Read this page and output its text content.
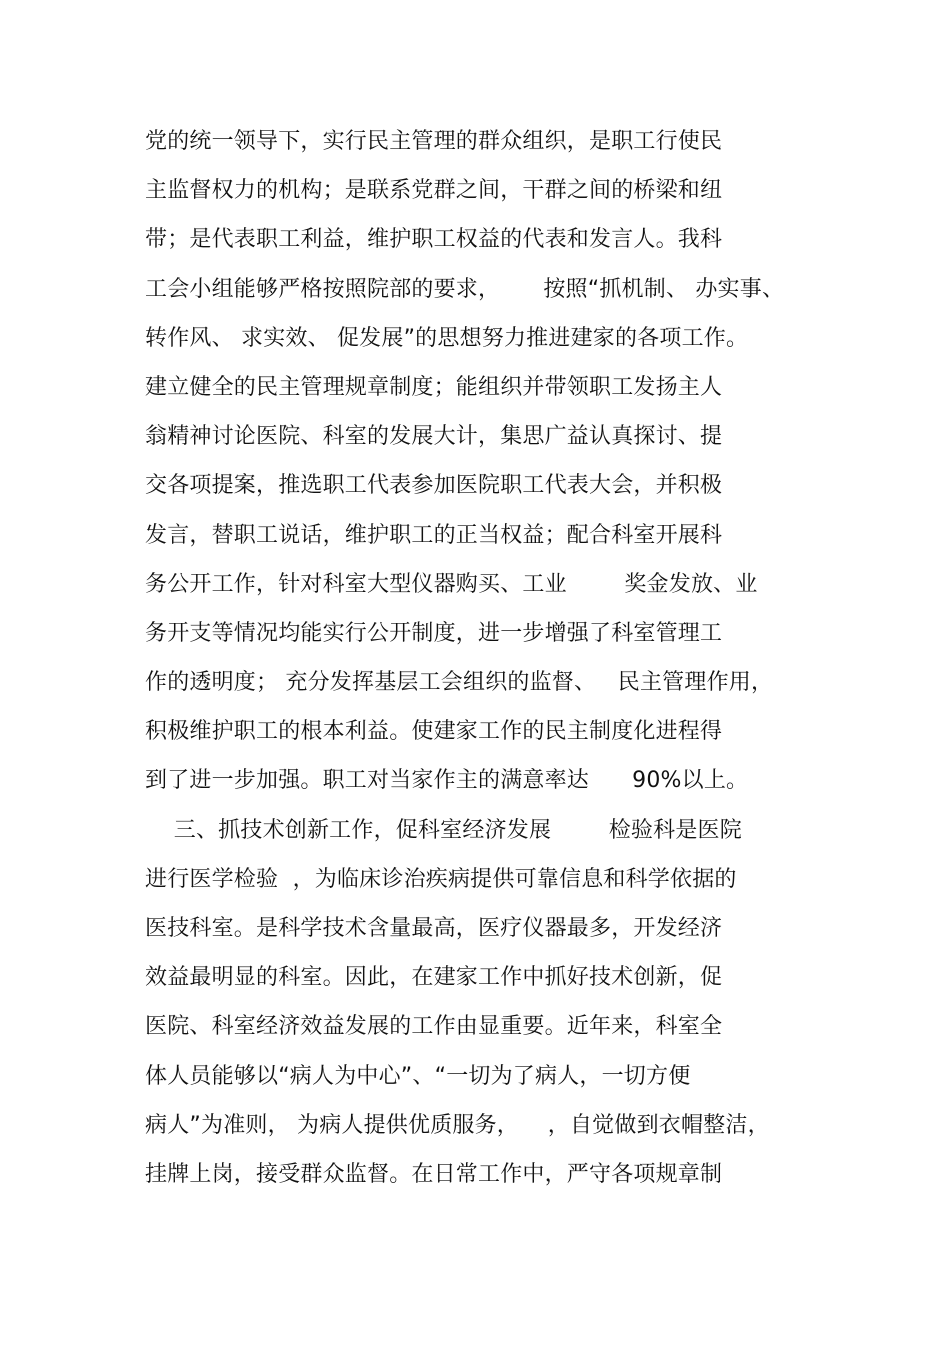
党的统一领导下，实行民主管理的群众组织，是职工行使民
主监督权力的机构；是联系党群之间，干群之间的桥梁和纽
带；是代表职工利益，维护职工权益的代表和发言人。我科
工会小组能够严格按照院部的要求，      按照“抓机制、 办实事、
转作风、 求实效、 促发展”的思想努力推进建家的各项工作。
建立健全的民主管理规章制度；能组织并带领职工发扬主人
翁精神讨论医院、科室的发展大计，集思广益认真探讨、提
交各项提案，推选职工代表参加医院职工代表大会，并积极
发言，替职工说话，维护职工的正当权益；配合科室开展科
务公开工作，针对科室大型仪器购买、工业        奖金发放、业
务开支等情况均能实行公开制度，进一步增强了科室管理工
作的透明度； 充分发挥基层工会组织的监督、   民主管理作用，
积极维护职工的根本利益。使建家工作的民主制度化进程得
到了进一步加强。职工对当家作主的满意率达      90%以上。
三、抓技术创新工作，促科室经济发展        检验科是医院
进行医学检验  ，为临床诊治疾病提供可靠信息和科学依据的
医技科室。是科学技术含量最高，医疗仪器最多，开发经济
效益最明显的科室。因此，在建家工作中抓好技术创新，促
医院、科室经济效益发展的工作由显重要。近年来，科室全
体人员能够以“病人为中心”、“一切为了病人，一切方便
病人”为准则， 为病人提供优质服务，    ，自觉做到衣帽整洁，
挂牌上岗，接受群众监督。在日常工作中，严守各项规章制
